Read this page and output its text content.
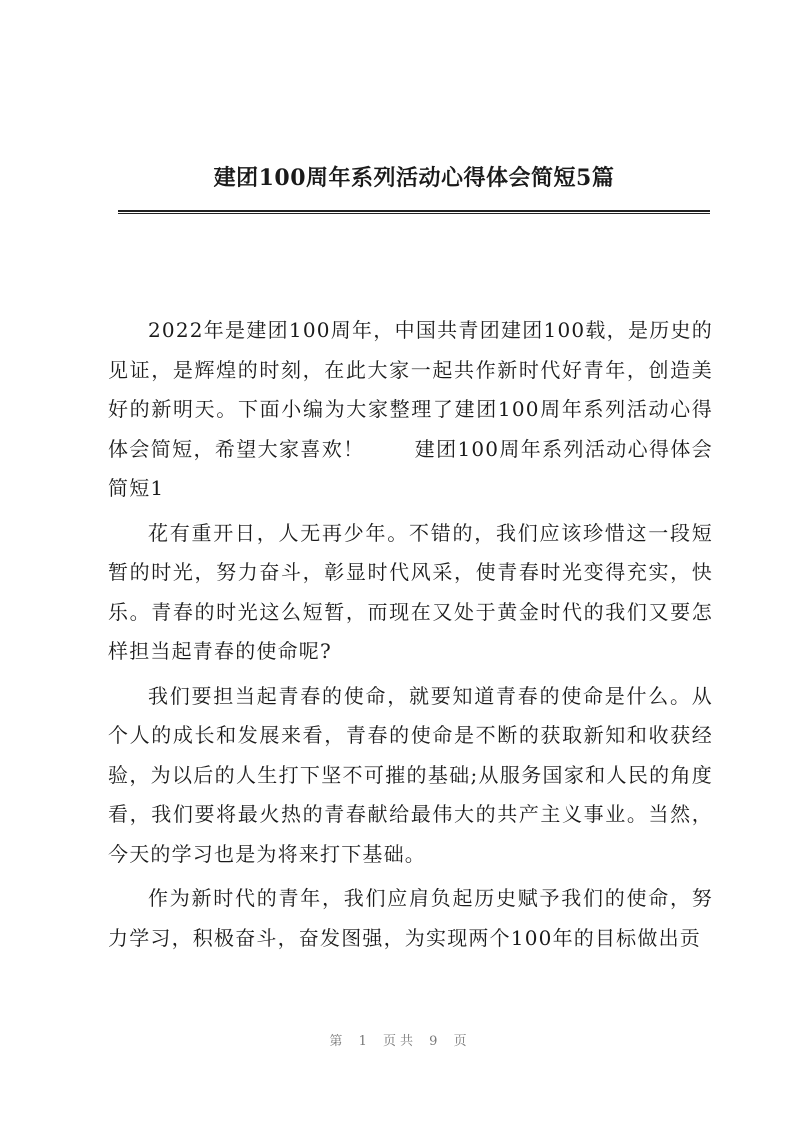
建团100周年系列活动心得体会简短5篇

2022年是建团100周年，中国共青团建团100载，是历史的见证，是辉煌的时刻，在此大家一起共作新时代好青年，创造美好的新明天。下面小编为大家整理了建团100周年系列活动心得体会简短，希望大家喜欢！	建团100周年系列活动心得体会简短1

花有重开日，人无再少年。不错的，我们应该珍惜这一段短暂的时光，努力奋斗，彰显时代风采，使青春时光变得充实，快乐。青春的时光这么短暂，而现在又处于黄金时代的我们又要怎样担当起青春的使命呢?

我们要担当起青春的使命，就要知道青春的使命是什么。从个人的成长和发展来看，青春的使命是不断的获取新知和收获经验，为以后的人生打下坚不可摧的基础;从服务国家和人民的角度看，我们要将最火热的青春献给最伟大的共产主义事业。当然，今天的学习也是为将来打下基础。

作为新时代的青年，我们应肩负起历史赋予我们的使命，努力学习，积极奋斗，奋发图强，为实现两个100年的目标做出贡

第 1 页共 9 页
